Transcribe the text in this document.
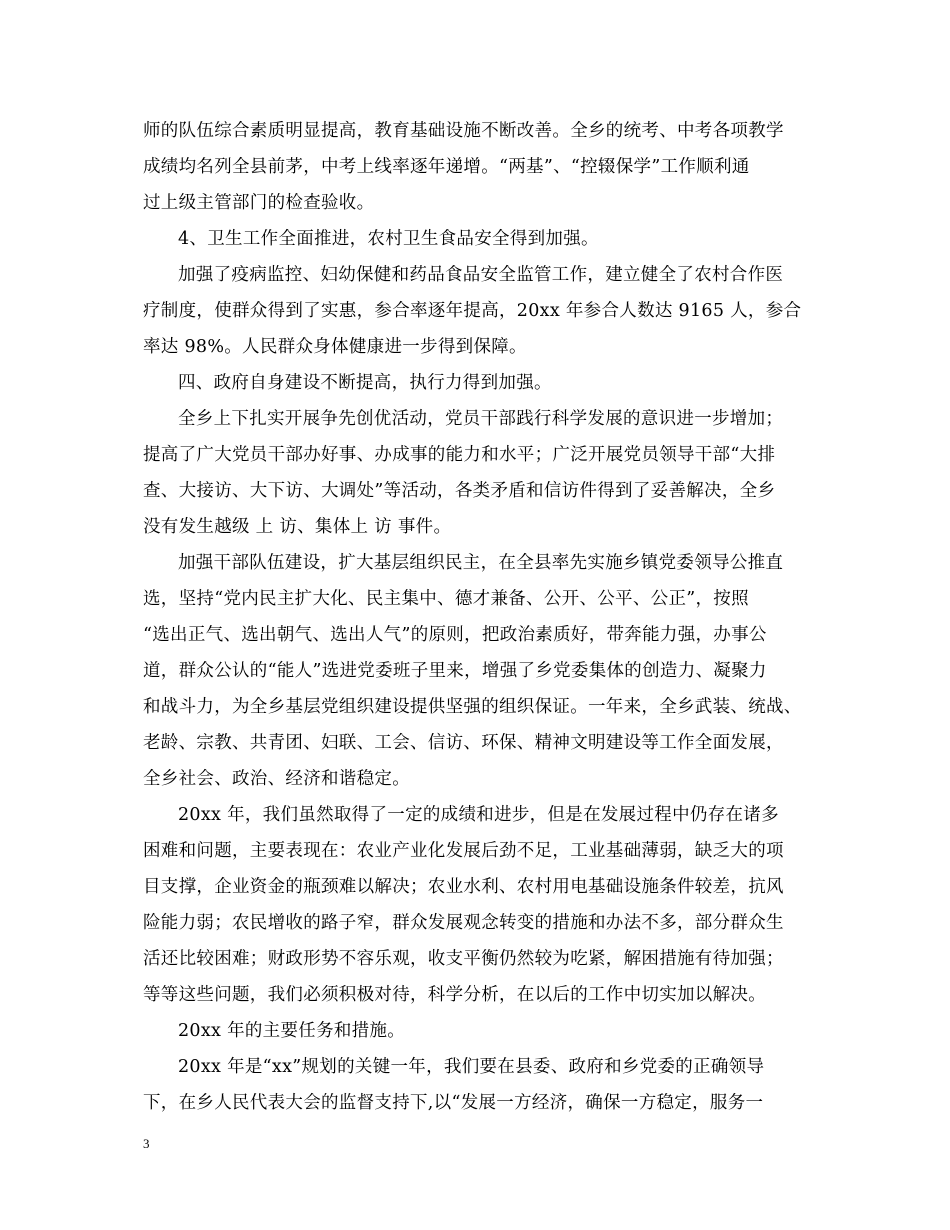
师的队伍综合素质明显提高，教育基础设施不断改善。全乡的统考、中考各项教学
成绩均名列全县前茅，中考上线率逐年递增。“两基”、“控辍保学”工作顺利通
过上级主管部门的检查验收。
4、卫生工作全面推进，农村卫生食品安全得到加强。
加强了疫病监控、妇幼保健和药品食品安全监管工作，建立健全了农村合作医
疗制度，使群众得到了实惠，参合率逐年提高，20xx 年参合人数达 9165 人，参合
率达 98%。人民群众身体健康进一步得到保障。
四、政府自身建设不断提高，执行力得到加强。
全乡上下扎实开展争先创优活动，党员干部践行科学发展的意识进一步增加；
提高了广大党员干部办好事、办成事的能力和水平；广泛开展党员领导干部“大排
查、大接访、大下访、大调处”等活动，各类矛盾和信访件得到了妥善解决，全乡
没有发生越级 上 访、集体上 访 事件。
加强干部队伍建设，扩大基层组织民主，在全县率先实施乡镇党委领导公推直
选，坚持“党内民主扩大化、民主集中、德才兼备、公开、公平、公正”，按照
“选出正气、选出朝气、选出人气”的原则，把政治素质好，带奔能力强，办事公
道，群众公认的“能人”选进党委班子里来，增强了乡党委集体的创造力、凝聚力
和战斗力，为全乡基层党组织建设提供坚强的组织保证。一年来，全乡武装、统战、
老龄、宗教、共青团、妇联、工会、信访、环保、精神文明建设等工作全面发展，
全乡社会、政治、经济和谐稳定。
20xx 年，我们虽然取得了一定的成绩和进步，但是在发展过程中仍存在诸多
困难和问题，主要表现在：农业产业化发展后劲不足，工业基础薄弱，缺乏大的项
目支撑，企业资金的瓶颈难以解决；农业水利、农村用电基础设施条件较差，抗风
险能力弱；农民增收的路子窄，群众发展观念转变的措施和办法不多，部分群众生
活还比较困难；财政形势不容乐观，收支平衡仍然较为吃紧，解困措施有待加强；
等等这些问题，我们必须积极对待，科学分析，在以后的工作中切实加以解决。
20xx 年的主要任务和措施。
20xx 年是“xx”规划的关键一年，我们要在县委、政府和乡党委的正确领导
下，在乡人民代表大会的监督支持下,以“发展一方经济，确保一方稳定，服务一
3
